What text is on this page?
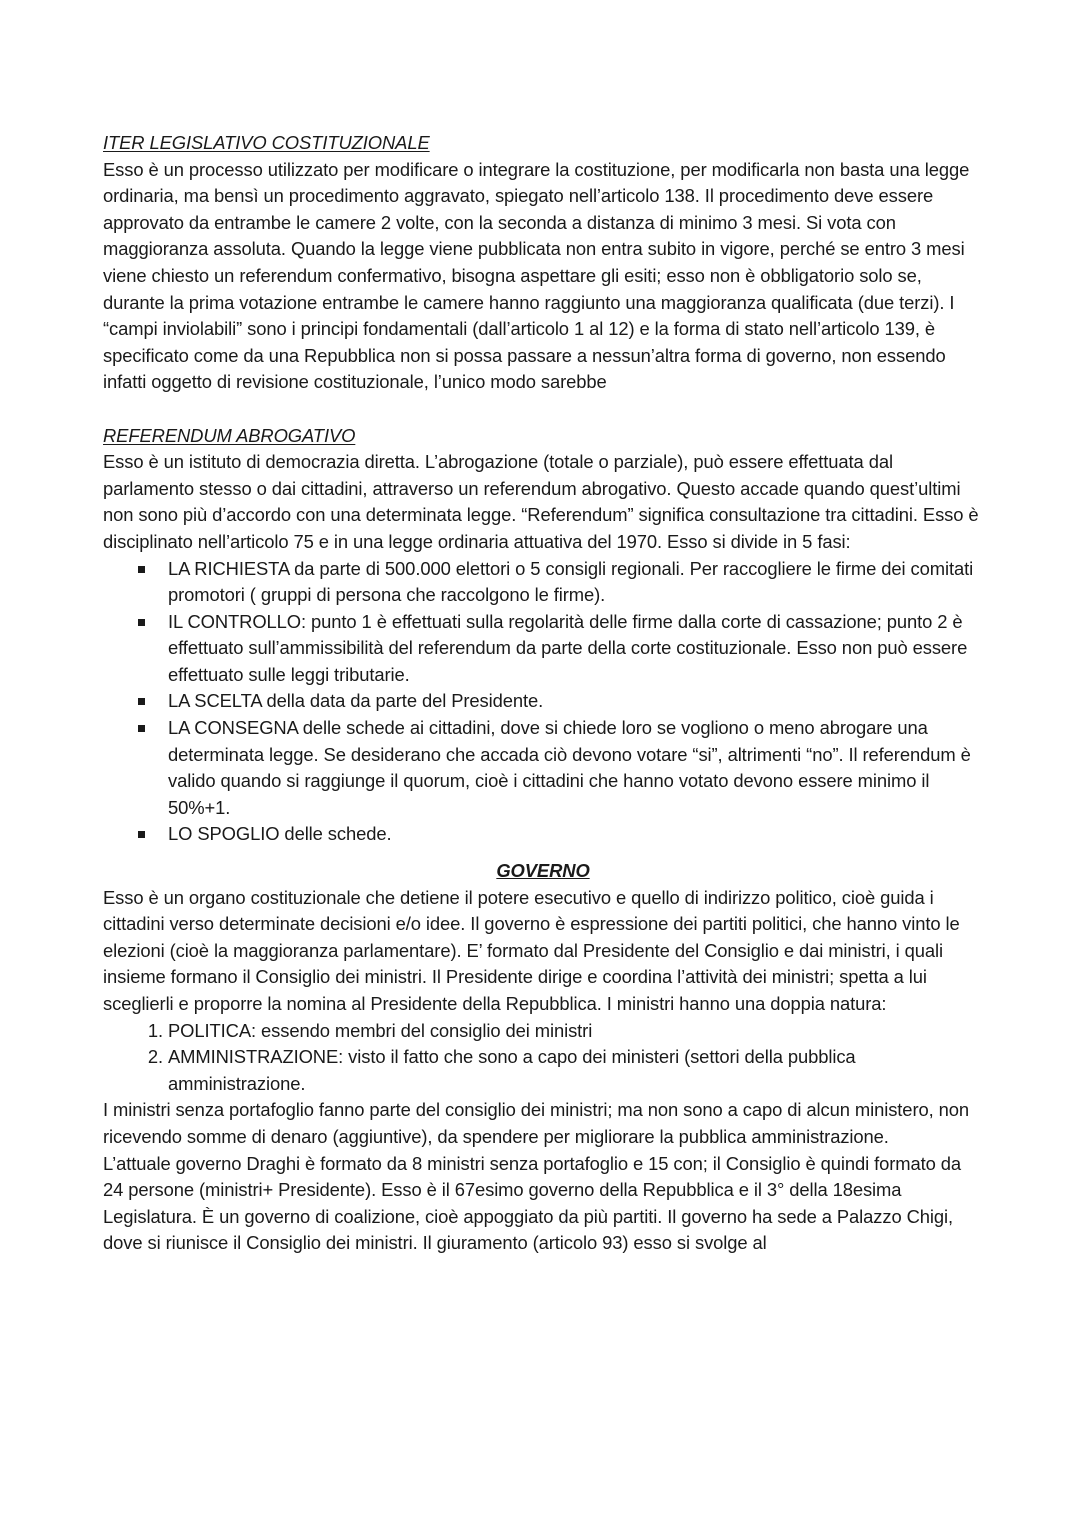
ITER LEGISLATIVO COSTITUZIONALE

Esso è un processo utilizzato per modificare o integrare la costituzione, per modificarla non basta una legge ordinaria, ma bensì un procedimento aggravato, spiegato nell’articolo 138. Il procedimento deve essere approvato da entrambe le camere 2 volte, con la seconda a distanza di minimo 3 mesi. Si vota con maggioranza assoluta. Quando la legge viene pubblicata non entra subito in vigore, perché se entro 3 mesi viene chiesto un referendum confermativo, bisogna aspettare gli esiti; esso non è obbligatorio solo se, durante la prima votazione entrambe le camere hanno raggiunto una maggioranza qualificata (due terzi). I “campi inviolabili” sono i principi fondamentali (dall’articolo 1 al 12) e la forma di stato nell’articolo 139, è specificato come da una Repubblica non si possa passare a nessun’altra forma di governo, non essendo infatti oggetto di revisione costituzionale, l’unico modo sarebbe

REFERENDUM ABROGATIVO

Esso è un istituto di democrazia diretta. L’abrogazione (totale o parziale), può essere effettuata dal parlamento stesso o dai cittadini, attraverso un referendum abrogativo. Questo accade quando quest’ultimi non sono più d’accordo con una determinata legge. “Referendum” significa consultazione tra cittadini. Esso è disciplinato nell’articolo 75 e in una legge ordinaria attuativa del 1970. Esso si divide in 5 fasi:

LA RICHIESTA da parte di 500.000 elettori o 5 consigli regionali. Per raccogliere le firme dei comitati promotori ( gruppi di persona che raccolgono le firme).
IL CONTROLLO: punto 1 è effettuati sulla regolarità delle firme dalla corte di cassazione; punto 2 è effettuato sull’ammissibilità del referendum da parte della corte costituzionale. Esso non può essere effettuato sulle leggi tributarie.
LA SCELTA della data da parte del Presidente.
LA CONSEGNA delle schede ai cittadini, dove si chiede loro se vogliono o meno abrogare una determinata legge. Se desiderano che accada ciò devono votare “si”, altrimenti “no”. Il referendum è valido quando si raggiunge il quorum, cioè i cittadini che hanno votato devono essere minimo il 50%+1.
LO SPOGLIO delle schede.

GOVERNO

Esso è un organo costituzionale che detiene il potere esecutivo e quello di indirizzo politico, cioè guida i cittadini verso determinate decisioni e/o idee. Il governo è espressione dei partiti politici, che hanno vinto le elezioni (cioè la maggioranza parlamentare). E’ formato dal Presidente del Consiglio e dai ministri, i quali insieme formano il Consiglio dei ministri. Il Presidente dirige e coordina l’attività dei ministri; spetta a lui sceglierli e proporre la nomina al Presidente della Repubblica. I ministri hanno una doppia natura:

1. POLITICA: essendo membri del consiglio dei ministri
2. AMMINISTRAZIONE: visto il fatto che sono a capo dei ministeri (settori della pubblica amministrazione.

I ministri senza portafoglio fanno parte del consiglio dei ministri; ma non sono a capo di alcun ministero, non ricevendo somme di denaro (aggiuntive), da spendere per migliorare la pubblica amministrazione.

L’attuale governo Draghi è formato da 8 ministri senza portafoglio e 15 con; il Consiglio è quindi formato da 24 persone (ministri+ Presidente). Esso è il 67esimo governo della Repubblica e il 3° della 18esima Legislatura. È un governo di coalizione, cioè appoggiato da più partiti. Il governo ha sede a Palazzo Chigi, dove si riunisce il Consiglio dei ministri. Il giuramento (articolo 93) esso si svolge al
